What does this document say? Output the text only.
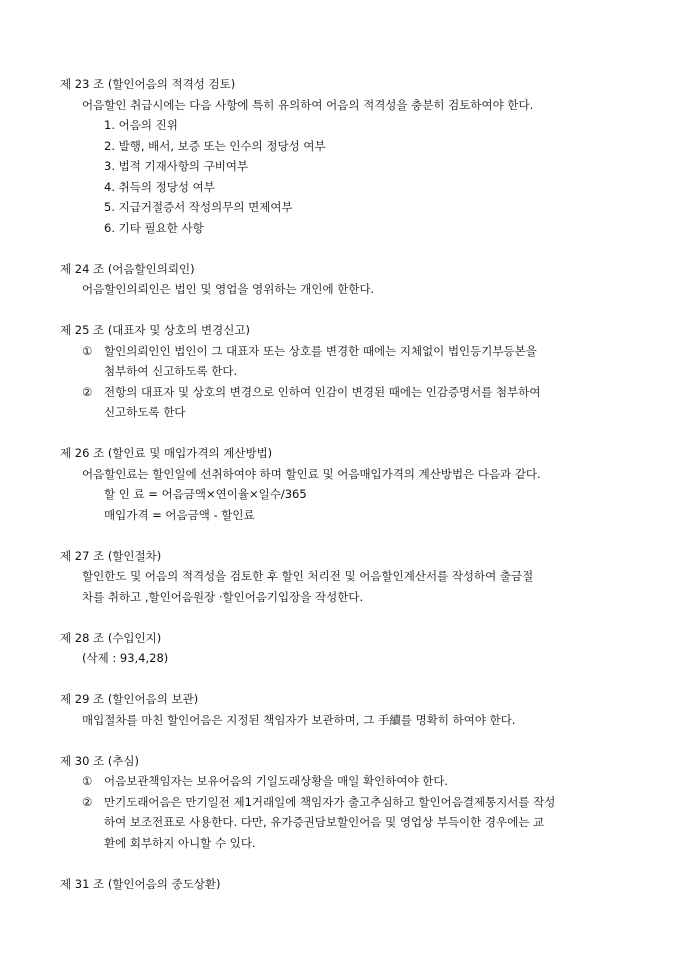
제 23 조 (할인어음의 적격성 검토)
어음할인 취급시에는 다음 사항에 특히 유의하여 어음의 적격성을 충분히 검토하여야 한다.
1. 어음의 진위
2. 발행, 배서, 보증 또는 인수의 정당성 여부
3. 법적 기재사항의 구비여부
4. 취득의 정당성 여부
5. 지급거절증서 작성의무의 면제여부
6. 기타 필요한 사항
제 24 조 (어음할인의뢰인)
어음할인의뢰인은 법인 및 영업을 영위하는 개인에 한한다.
제 25 조 (대표자 및 상호의 변경신고)
①	할인의뢰인인 법인이 그 대표자 또는 상호를 변경한 때에는 지체없이 법인등기부등본을
첨부하여 신고하도록 한다.
②	전항의 대표자 및 상호의 변경으로 인하여 인감이 변경된 때에는 인감증명서를 첨부하여
신고하도록 한다
제 26 조 (할인료 및 매입가격의 계산방법)
어음할인료는 할인일에 선취하여야 하며 할인료 및 어음매입가격의 계산방법은 다음과 같다.
할 인 료 = 어음금액×연이율×일수/365
매입가격 = 어음금액 - 할인료
제 27 조 (할인절차)
할인한도 및 어음의 적격성을 검토한 후 할인 처리전 및 어음할인계산서를 작성하여 출금절
차를 취하고 ,할인어음원장 ·할인어음기입장을 작성한다.
제 28 조 (수입인지)
(삭제 : 93,4,28)
제 29 조 (할인어음의 보관)
매입절차를 마친 할인어음은 지정된 책임자가 보관하며, 그 手續를 명확히 하여야 한다.
제 30 조 (추심)
①	어음보관책임자는 보유어음의 기일도래상황을 매일 확인하여야 한다.
②	만기도래어음은 만기일전 제1거래일에 책임자가 출고추심하고 할인어음결제통지서를 작성
하여 보조전표로 사용한다. 다만, 유가증권담보할인어음 및 영업상 부득이한 경우에는 교
환에 회부하지 아니할 수 있다.
제 31 조 (할인어음의 중도상환)
